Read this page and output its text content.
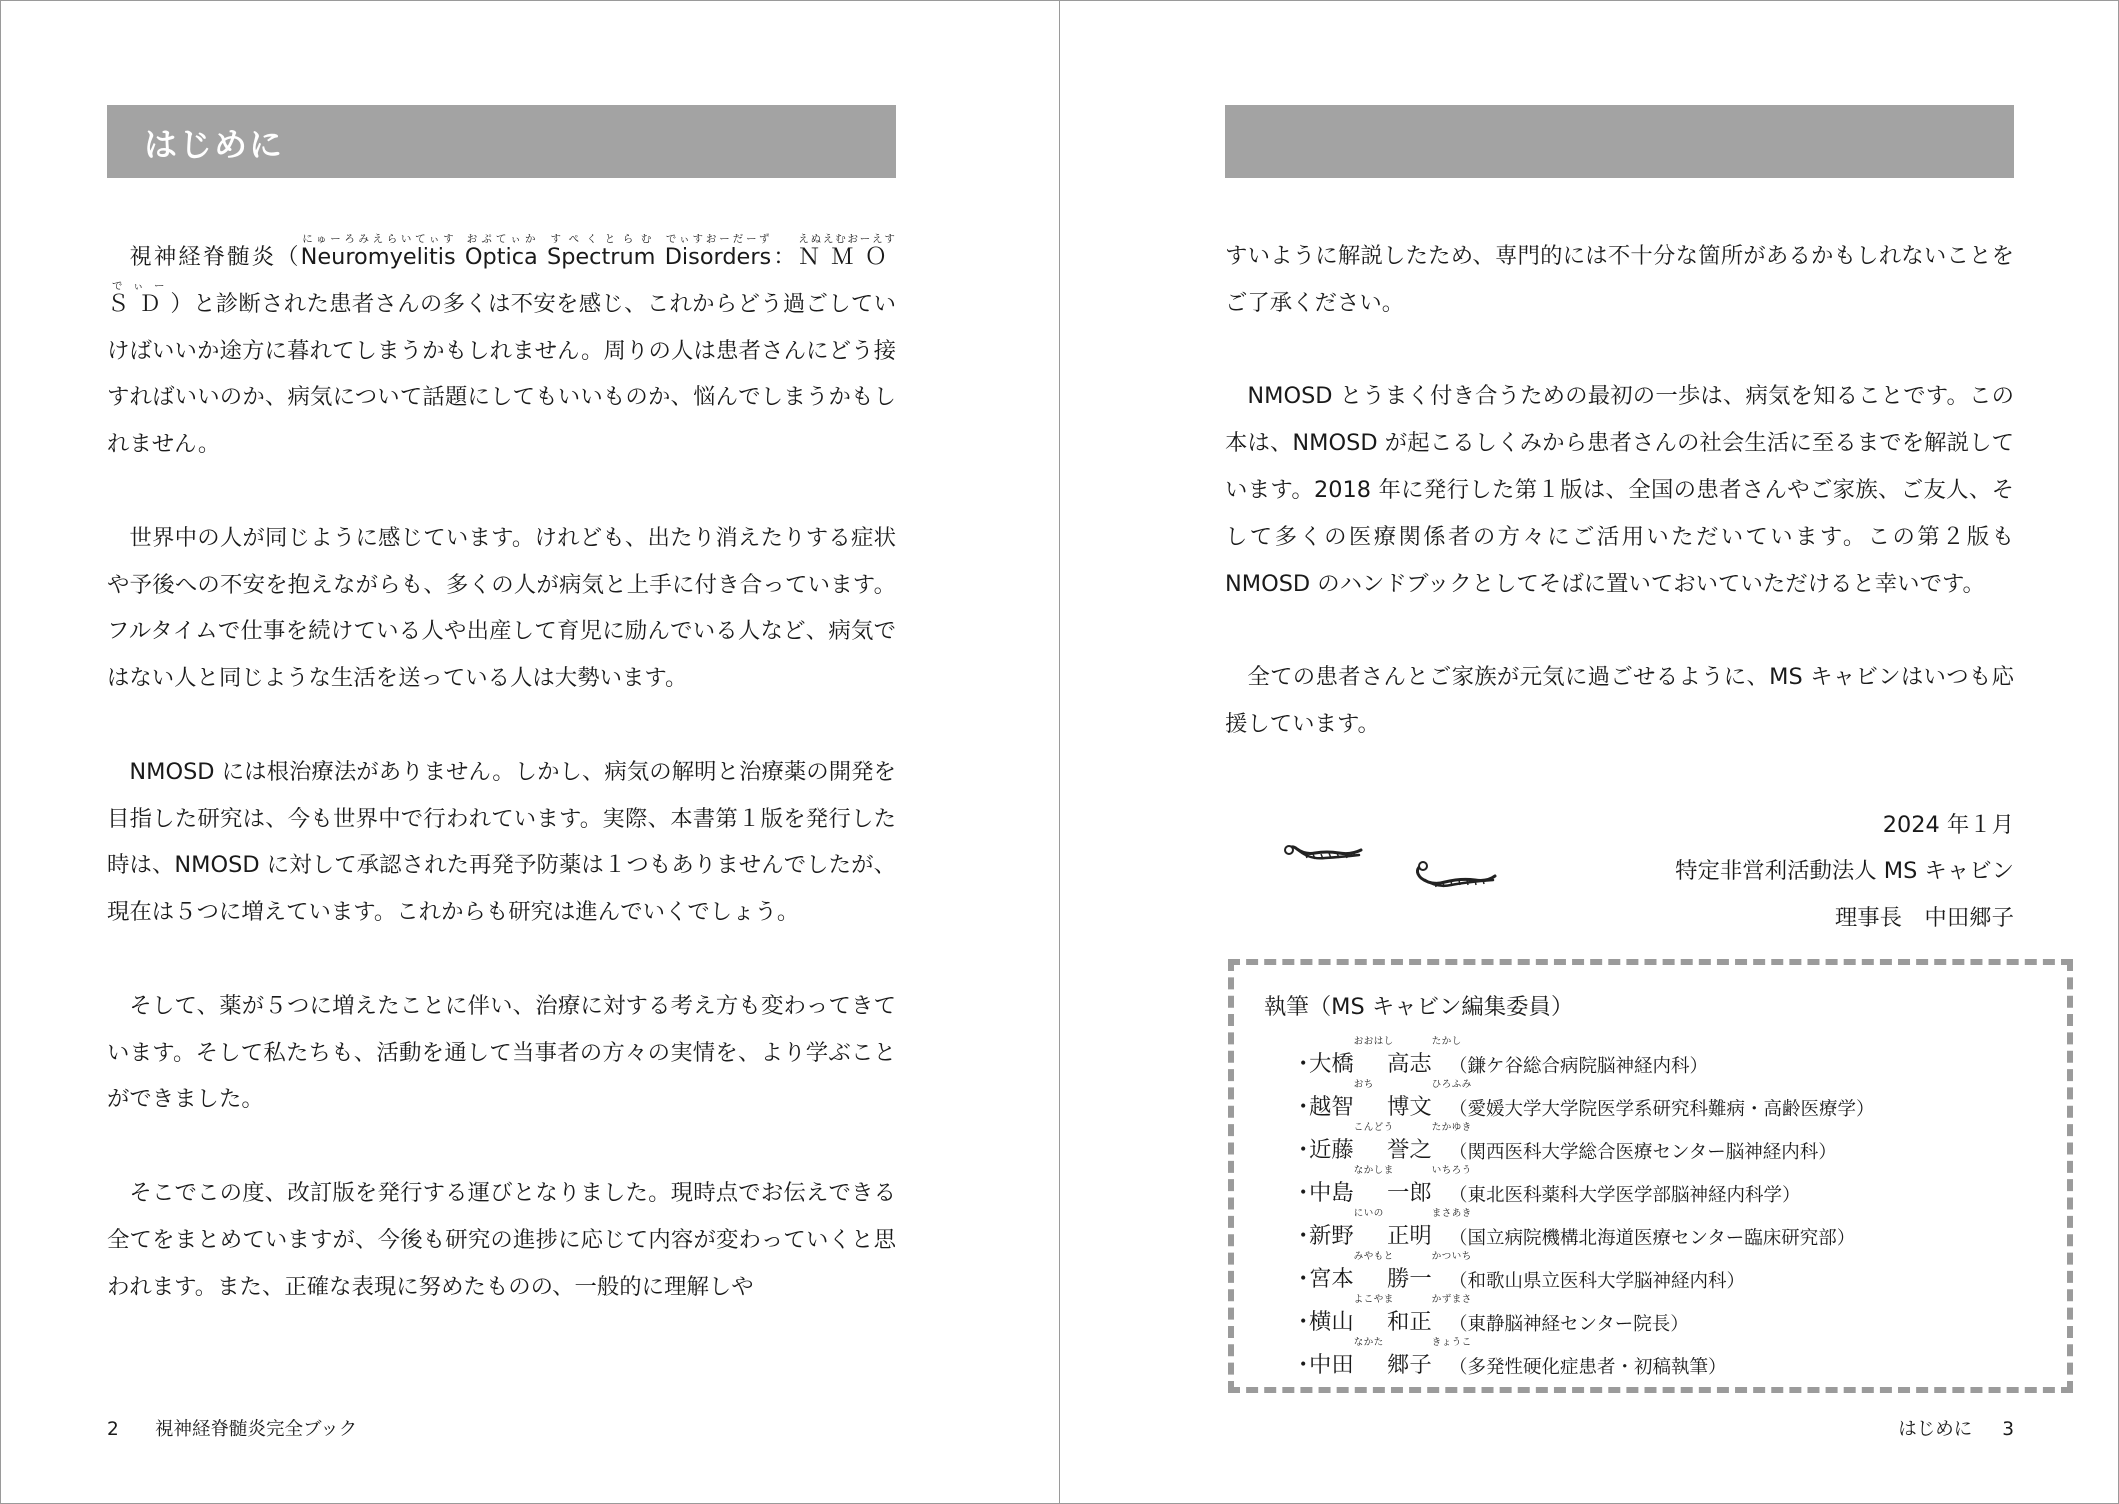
はじめに

視神経脊髄炎（Neuromyelitisにゅーろみえらいてぃす Opticaおぷてぃか Spectrumすぺくとらむ Disordersでぃすおーだーず：ＮＭＯＳＤえぬえむおーえすでぃー）と診断された患者さんの多くは不安を感じ、これからどう過ごしていけばいいか途方に暮れてしまうかもしれません。周りの人は患者さんにどう接すればいいのか、病気について話題にしてもいいものか、悩んでしまうかもしれません。

世界中の人が同じように感じています。けれども、出たり消えたりする症状や予後への不安を抱えながらも、多くの人が病気と上手に付き合っています。フルタイムで仕事を続けている人や出産して育児に励んでいる人など、病気ではない人と同じような生活を送っている人は大勢います。

NMOSD には根治療法がありません。しかし、病気の解明と治療薬の開発を目指した研究は、今も世界中で行われています。実際、本書第１版を発行した時は、NMOSD に対して承認された再発予防薬は１つもありませんでしたが、現在は５つに増えています。これからも研究は進んでいくでしょう。

そして、薬が５つに増えたことに伴い、治療に対する考え方も変わってきています。そして私たちも、活動を通して当事者の方々の実情を、より学ぶことができました。

そこでこの度、改訂版を発行する運びとなりました。現時点でお伝えできる全てをまとめていますが、今後も研究の進捗に応じて内容が変わっていくと思われます。また、正確な表現に努めたものの、一般的に理解しや

2 視神経脊髄炎完全ブック

すいように解説したため、専門的には不十分な箇所があるかもしれないことをご了承ください。

NMOSD とうまく付き合うための最初の一歩は、病気を知ることです。この本は、NMOSD が起こるしくみから患者さんの社会生活に至るまでを解説しています。2018 年に発行した第１版は、全国の患者さんやご家族、ご友人、そして多くの医療関係者の方々にご活用いただいています。この第２版も NMOSD のハンドブックとしてそばに置いておいていただけると幸いです。

全ての患者さんとご家族が元気に過ごせるように、MS キャビンはいつも応援しています。

2024 年１月
特定非営利活動法人 MS キャビン
理事長　中田郷子
執筆（MS キャビン編集委員）
・
大橋おおはし
高志たかし
（鎌ケ谷総合病院脳神経内科）
・
越智おち
博文ひろふみ
（愛媛大学大学院医学系研究科難病・高齢医療学）
・
近藤こんどう
誉之たかゆき
（関西医科大学総合医療センター脳神経内科）
・
中島なかしま
一郎いちろう
（東北医科薬科大学医学部脳神経内科学）
・
新野にいの
正明まさあき
（国立病院機構北海道医療センター臨床研究部）
・
宮本みやもと
勝一かついち
（和歌山県立医科大学脳神経内科）
・
横山よこやま
和正かずまさ
（東静脳神経センター院長）
・
中田なかた
郷子きょうこ
（多発性硬化症患者・初稿執筆）
はじめに 3
